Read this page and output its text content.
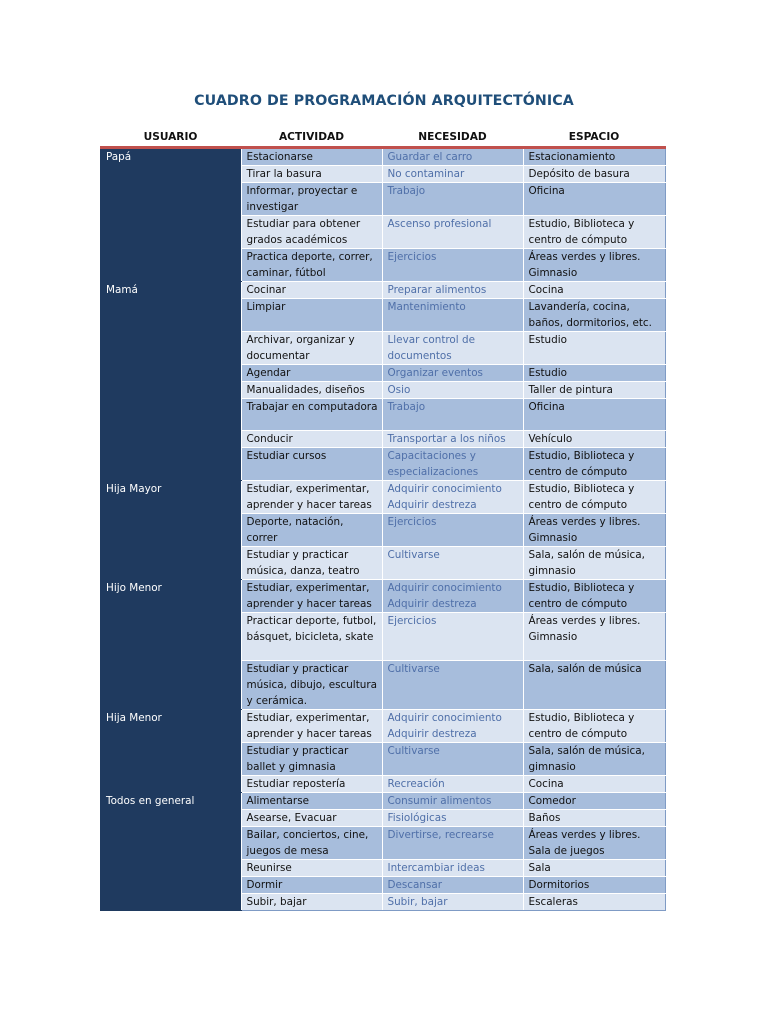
CUADRO DE PROGRAMACIÓN ARQUITECTÓNICA
USUARIO	ACTIVIDAD	NECESIDAD	ESPACIO
Papá	Estacionarse	Guardar el carro	Estacionamiento
	Tirar la basura	No contaminar	Depósito de basura
	Informar, proyectar e investigar	Trabajo	Oficina
	Estudiar para obtener grados académicos	Ascenso profesional	Estudio, Biblioteca y centro de cómputo
	Practica deporte, correr, caminar, fútbol	Ejercicios	Áreas verdes y libres. Gimnasio
Mamá	Cocinar	Preparar alimentos	Cocina
	Limpiar	Mantenimiento	Lavandería, cocina, baños, dormitorios, etc.
	Archivar, organizar y documentar	Llevar control de documentos	Estudio
	Agendar	Organizar eventos	Estudio
	Manualidades, diseños	Osio	Taller de pintura
	Trabajar en computadora	Trabajo	Oficina
	Conducir	Transportar a los niños	Vehículo
	Estudiar cursos	Capacitaciones y especializaciones	Estudio, Biblioteca y centro de cómputo
Hija Mayor	Estudiar, experimentar, aprender y hacer tareas	Adquirir conocimiento Adquirir destreza	Estudio, Biblioteca y centro de cómputo
	Deporte, natación, correr	Ejercicios	Áreas verdes y libres. Gimnasio
	Estudiar y practicar música, danza, teatro	Cultivarse	Sala, salón de música, gimnasio
Hijo Menor	Estudiar, experimentar, aprender y hacer tareas	Adquirir conocimiento Adquirir destreza	Estudio, Biblioteca y centro de cómputo
	Practicar deporte, futbol, básquet, bicicleta, skate	Ejercicios	Áreas verdes y libres. Gimnasio
	Estudiar y practicar música, dibujo, escultura y cerámica.	Cultivarse	Sala, salón de música
Hija Menor	Estudiar, experimentar, aprender y hacer tareas	Adquirir conocimiento Adquirir destreza	Estudio, Biblioteca y centro de cómputo
	Estudiar y practicar ballet y gimnasia	Cultivarse	Sala, salón de música, gimnasio
	Estudiar repostería	Recreación	Cocina
Todos en general	Alimentarse	Consumir alimentos	Comedor
	Asearse, Evacuar	Fisiológicas	Baños
	Bailar, conciertos, cine, juegos de mesa	Divertirse, recrearse	Áreas verdes y libres. Sala de juegos
	Reunirse	Intercambiar ideas	Sala
	Dormir	Descansar	Dormitorios
	Subir, bajar	Subir, bajar	Escaleras
